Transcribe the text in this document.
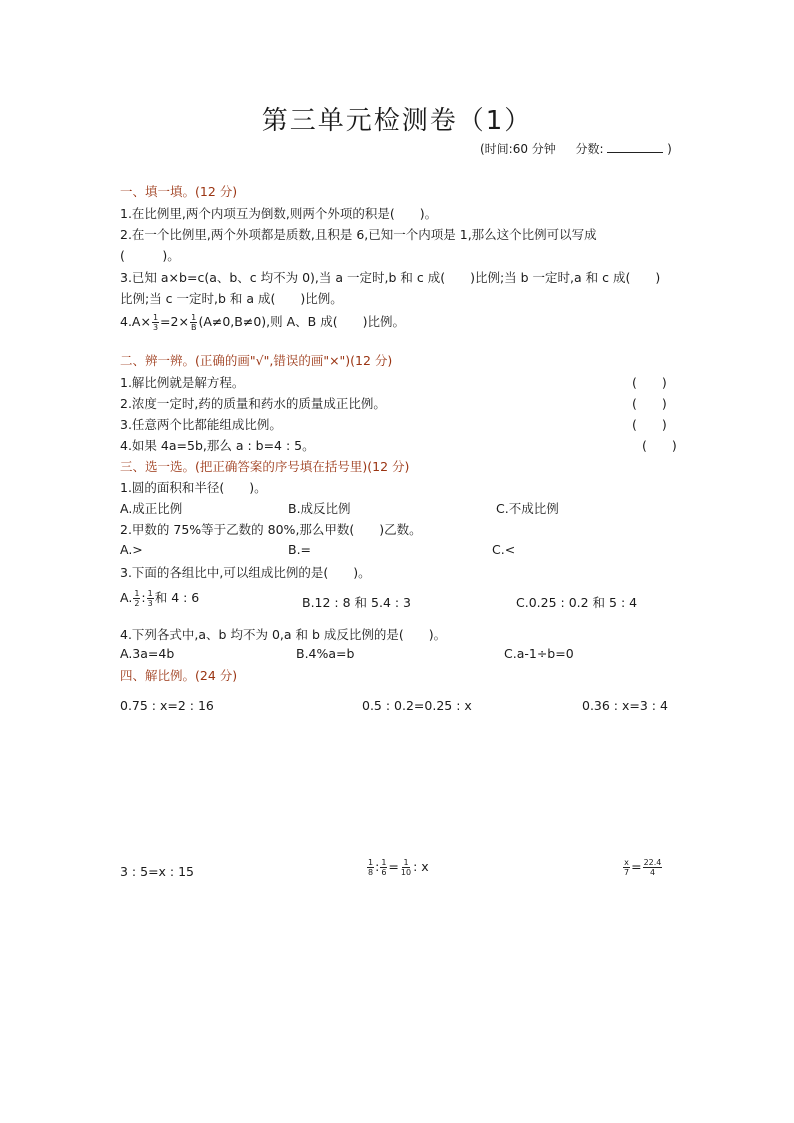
第三单元检测卷（1）
(时间:60 分钟 分数:	)
一、填一填。(12 分)
1.在比例里,两个内项互为倒数,则两个外项的积是(　　)。
2.在一个比例里,两个外项都是质数,且积是 6,已知一个内项是 1,那么这个比例可以写成
(　　　)。
3.已知 a×b=c(a、b、c 均不为 0),当 a 一定时,b 和 c 成(　　)比例;当 b 一定时,a 和 c 成(　　)
比例;当 c 一定时,b 和 a 成(　　)比例。
$4.A\times \frac{1}{3} =2\times \frac{1}{B} (A\ne 0,B\ne 0)$,则 A、B 成(　　)比例。
二、辨一辨。(正确的画"√",错误的画"×")(12 分)
1.解比例就是解方程。	(　　)
2.浓度一定时,药的质量和药水的质量成正比例。	(　　)
3.任意两个比都能组成比例。	(　　)
4.如果 4a=5b,那么 a : b=4 : 5。	(　　)
三、选一选。(把正确答案的序号填在括号里)(12 分)
1.圆的面积和半径(　　)。
A.成正比例	B.成反比例	C.不成比例
2.甲数的 75%等于乙数的 80%,那么甲数(　　)乙数。
A.>	B.=	C.<
3.下面的各组比中,可以组成比例的是(　　)。
A. $\frac{1}{2}$ : $\frac{1}{3}$ 和 4 : 6	B.12 : 8 和 5.4 : 3	C.0.25 : 0.2 和 5 : 4
4.下列各式中,a、b 均不为 0,a 和 b 成反比例的是(　　)。
A.3a=4b	B.4%a=b	C.a-1÷b=0
四、解比例。(24 分)
0.75 : x=2 : 16	0.5 : 0.2=0.25 : x	0.36 : x=3 : 4
3 : 5=x : 15	$\frac{1}{8}$ : $\frac{1}{6} = \frac{1}{10}$ : x	$\frac{x}{7} = \frac{22.4}{4}$
